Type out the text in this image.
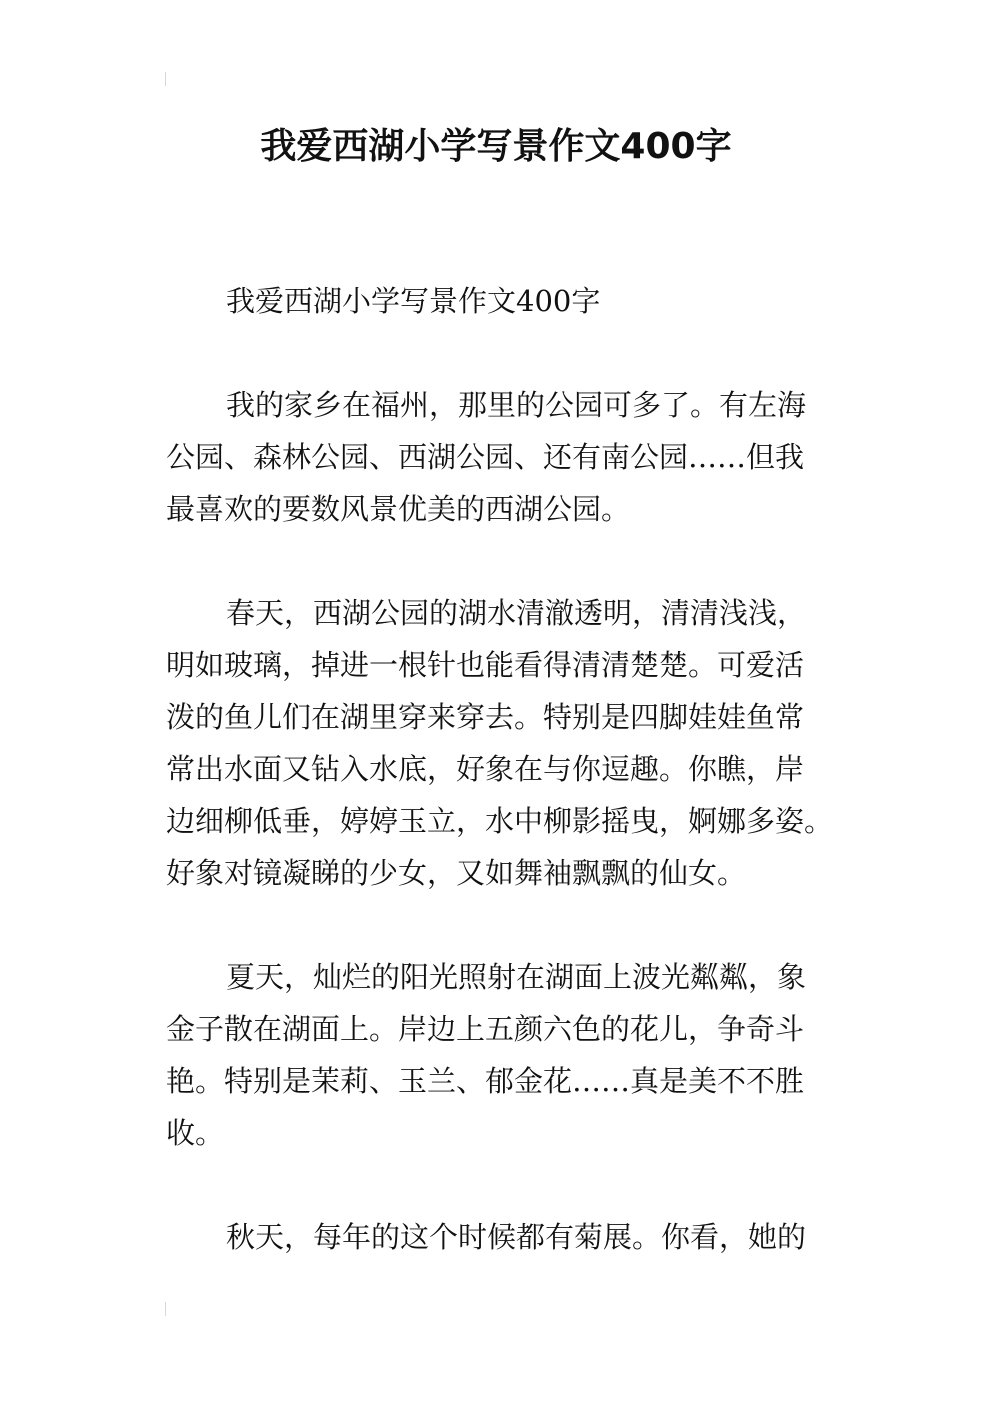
我爱西湖小学写景作文400字
我爱西湖小学写景作文400字
我的家乡在福州，那里的公园可多了。有左海
公园、森林公园、西湖公园、还有南公园……但我
最喜欢的要数风景优美的西湖公园。
春天，西湖公园的湖水清澈透明，清清浅浅，
明如玻璃，掉进一根针也能看得清清楚楚。可爱活
泼的鱼儿们在湖里穿来穿去。特别是四脚娃娃鱼常
常出水面又钻入水底，好象在与你逗趣。你瞧，岸
边细柳低垂，婷婷玉立，水中柳影摇曳，婀娜多姿。
好象对镜凝睇的少女，又如舞袖飘飘的仙女。
夏天，灿烂的阳光照射在湖面上波光粼粼，象
金子散在湖面上。岸边上五颜六色的花儿，争奇斗
艳。特别是茉莉、玉兰、郁金花……真是美不不胜
收。
秋天，每年的这个时候都有菊展。你看，她的
